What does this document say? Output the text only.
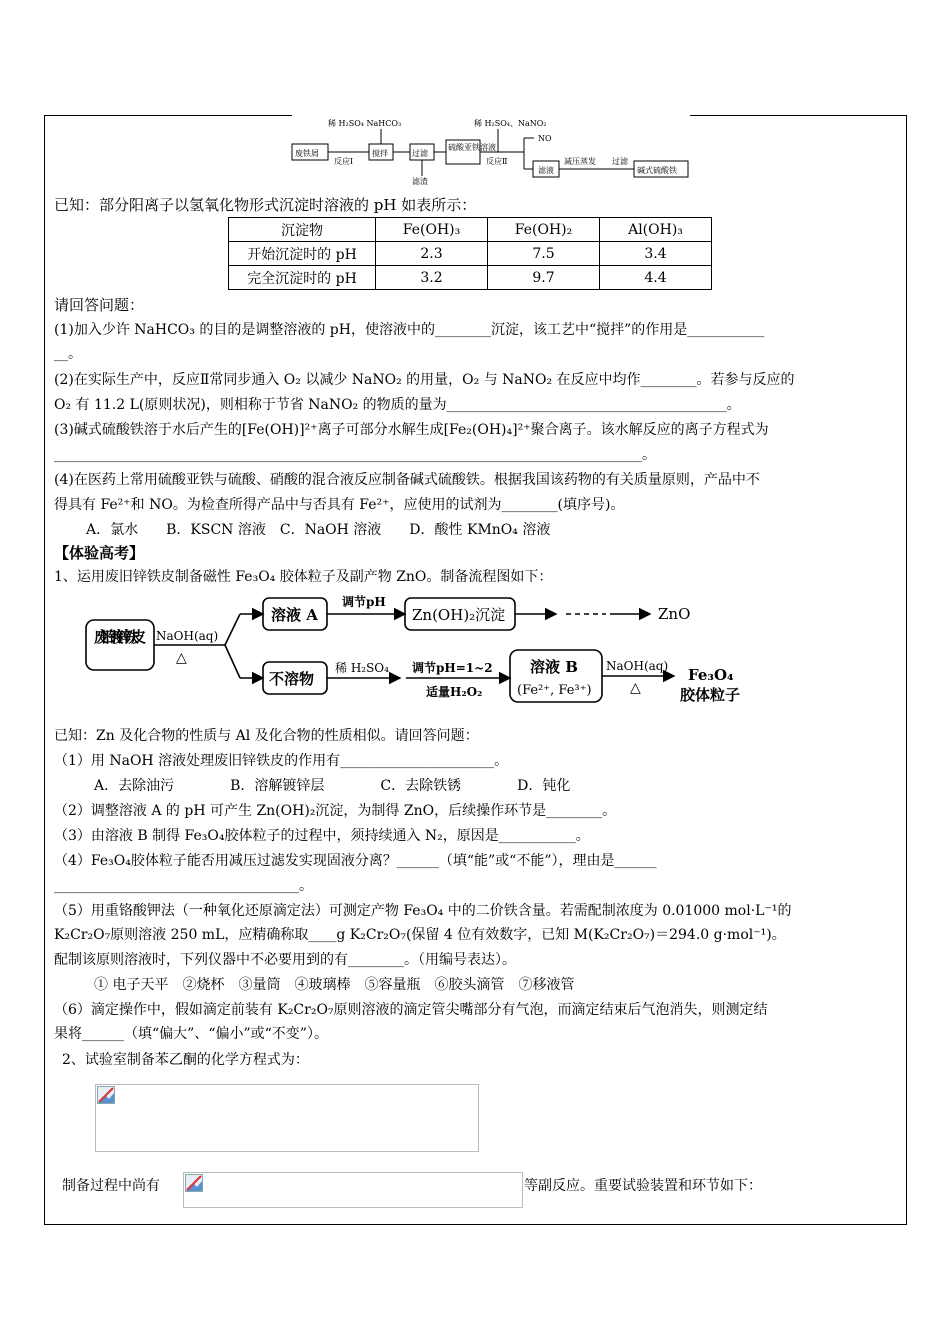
稀 H₂SO₄ NaHCO₃	稀 H₂SO₄、NaNO₂
废铁屑
反应Ⅰ
搅拌	过滤
滤渣
硫酸亚铁溶液
反应Ⅱ
NO
滤液
减压蒸发 过滤
碱式硫酸铁
已知：部分阳离子以氢氧化物形式沉淀时溶液的 pH 如表所示：
沉淀物	Fe(OH)₃	Fe(OH)₂	Al(OH)₃
开始沉淀时的 pH	2.3	7.5	3.4
完全沉淀时的 pH	3.2	9.7	4.4
请回答问题：
(1)加入少许 NaHCO₃ 的目的是调整溶液的 pH，使溶液中的________沉淀，该工艺中“搅拌”的作用是___________
__。
(2)在实际生产中，反应Ⅱ常同步通入 O₂ 以减少 NaNO₂ 的用量，O₂ 与 NaNO₂ 在反应中均作________。若参与反应的
O₂ 有 11.2 L(原则状况)，则相称于节省 NaNO₂ 的物质的量为________________________________________。
(3)碱式硫酸铁溶于水后产生的[Fe(OH)]²⁺离子可部分水解生成[Fe₂(OH)₄]²⁺聚合离子。该水解反应的离子方程式为
____________________________________________________________________________________。
(4)在医药上常用硫酸亚铁与硫酸、硝酸的混合液反应制备碱式硫酸铁。根据我国该药物的有关质量原则，产品中不
得具有 Fe²⁺和 NO。为检查所得产品中与否具有 Fe²⁺，应使用的试剂为________(填序号)。
A．氯水　　B．KSCN 溶液　C．NaOH 溶液　　D．酸性 KMnO₄ 溶液
【体验高考】
1、运用废旧锌铁皮制备磁性 Fe₃O₄ 胶体粒子及副产物 ZnO。制备流程图如下：
废旧镀锌铁皮 NaOH(aq)
△
溶液 A
调节pH
Zn(OH)₂沉淀	ZnO
不溶物
稀 H₂SO₄ 调节pH=1~2
适量H₂O₂
溶液 B
(Fe²⁺, Fe³⁺)
NaOH(aq)
△
Fe₃O₄
胶体粒子
已知：Zn 及化合物的性质与 Al 及化合物的性质相似。请回答问题：
（1）用 NaOH 溶液处理废旧锌铁皮的作用有______________________。
A．去除油污　　　　B．溶解镀锌层　　　　C．去除铁锈　　　　D．钝化
（2）调整溶液 A 的 pH 可产生 Zn(OH)₂沉淀，为制得 ZnO，后续操作环节是________。
（3）由溶液 B 制得 Fe₃O₄胶体粒子的过程中，须持续通入 N₂，原因是___________。
（4）Fe₃O₄胶体粒子能否用减压过滤发实现固液分离？______（填“能”或“不能”），理由是______
___________________________________。
（5）用重铬酸钾法（一种氧化还原滴定法）可测定产物 Fe₃O₄ 中的二价铁含量。若需配制浓度为 0.01000 mol·L⁻¹的
K₂Cr₂O₇原则溶液 250 mL，应精确称取____g K₂Cr₂O₇(保留 4 位有效数字，已知 M(K₂Cr₂O₇)＝294.0 g·mol⁻¹)。
配制该原则溶液时，下列仪器中不必要用到的有________。（用编号表达）。
① 电子天平　②烧杯　③量筒　④玻璃棒　⑤容量瓶　⑥胶头滴管　⑦移液管
（6）滴定操作中，假如滴定前装有 K₂Cr₂O₇原则溶液的滴定管尖嘴部分有气泡，而滴定结束后气泡消失，则测定结
果将______（填“偏大”、“偏小”或“不变”）。
2、试验室制备苯乙酮的化学方程式为：
制备过程中尚有	等副反应。重要试验装置和环节如下：
